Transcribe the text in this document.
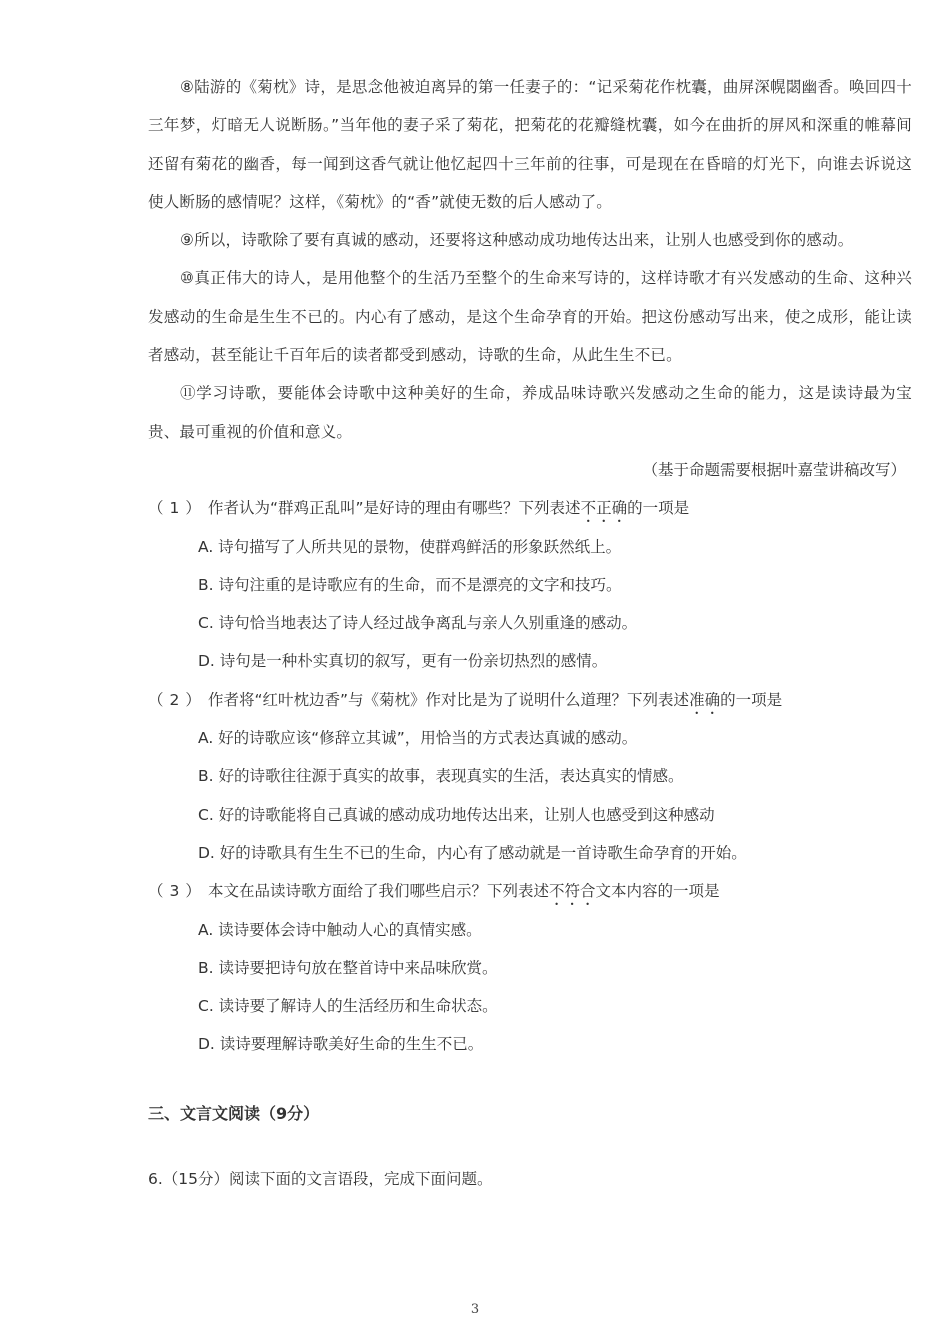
⑧陆游的《菊枕》诗，是思念他被迫离异的第一任妻子的：“记采菊花作枕囊，曲屏深幌閟幽香。唤回四十三年梦，灯暗无人说断肠。”当年他的妻子采了菊花，把菊花的花瓣缝枕囊，如今在曲折的屏风和深重的帷幕间还留有菊花的幽香，每一闻到这香气就让他忆起四十三年前的往事，可是现在在昏暗的灯光下，向谁去诉说这使人断肠的感情呢？这样，《菊枕》的“香”就使无数的后人感动了。

⑨所以，诗歌除了要有真诚的感动，还要将这种感动成功地传达出来，让别人也感受到你的感动。

⑩真正伟大的诗人，是用他整个的生活乃至整个的生命来写诗的，这样诗歌才有兴发感动的生命、这种兴发感动的生命是生生不已的。内心有了感动，是这个生命孕育的开始。把这份感动写出来，使之成形，能让读者感动，甚至能让千百年后的读者都受到感动，诗歌的生命，从此生生不已。

⑪学习诗歌，要能体会诗歌中这种美好的生命，养成品味诗歌兴发感动之生命的能力，这是读诗最为宝贵、最可重视的价值和意义。

（基于命题需要根据叶嘉莹讲稿改写）

（1）作者认为“群鸡正乱叫”是好诗的理由有哪些？下列表述不正确的一项是

A. 诗句描写了人所共见的景物，使群鸡鲜活的形象跃然纸上。
B. 诗句注重的是诗歌应有的生命，而不是漂亮的文字和技巧。
C. 诗句恰当地表达了诗人经过战争离乱与亲人久别重逢的感动。
D. 诗句是一种朴实真切的叙写，更有一份亲切热烈的感情。

（2）作者将“红叶枕边香”与《菊枕》作对比是为了说明什么道理？下列表述准确的一项是

A. 好的诗歌应该“修辞立其诚”，用恰当的方式表达真诚的感动。
B. 好的诗歌往往源于真实的故事，表现真实的生活，表达真实的情感。
C. 好的诗歌能将自己真诚的感动成功地传达出来，让别人也感受到这种感动
D. 好的诗歌具有生生不已的生命，内心有了感动就是一首诗歌生命孕育的开始。

（3）本文在品读诗歌方面给了我们哪些启示？下列表述不符合文本内容的一项是

A. 读诗要体会诗中触动人心的真情实感。
B. 读诗要把诗句放在整首诗中来品味欣赏。
C. 读诗要了解诗人的生活经历和生命状态。
D. 读诗要理解诗歌美好生命的生生不已。
三、文言文阅读（9分）

6.（15分）阅读下面的文言语段，完成下面问题。

3
